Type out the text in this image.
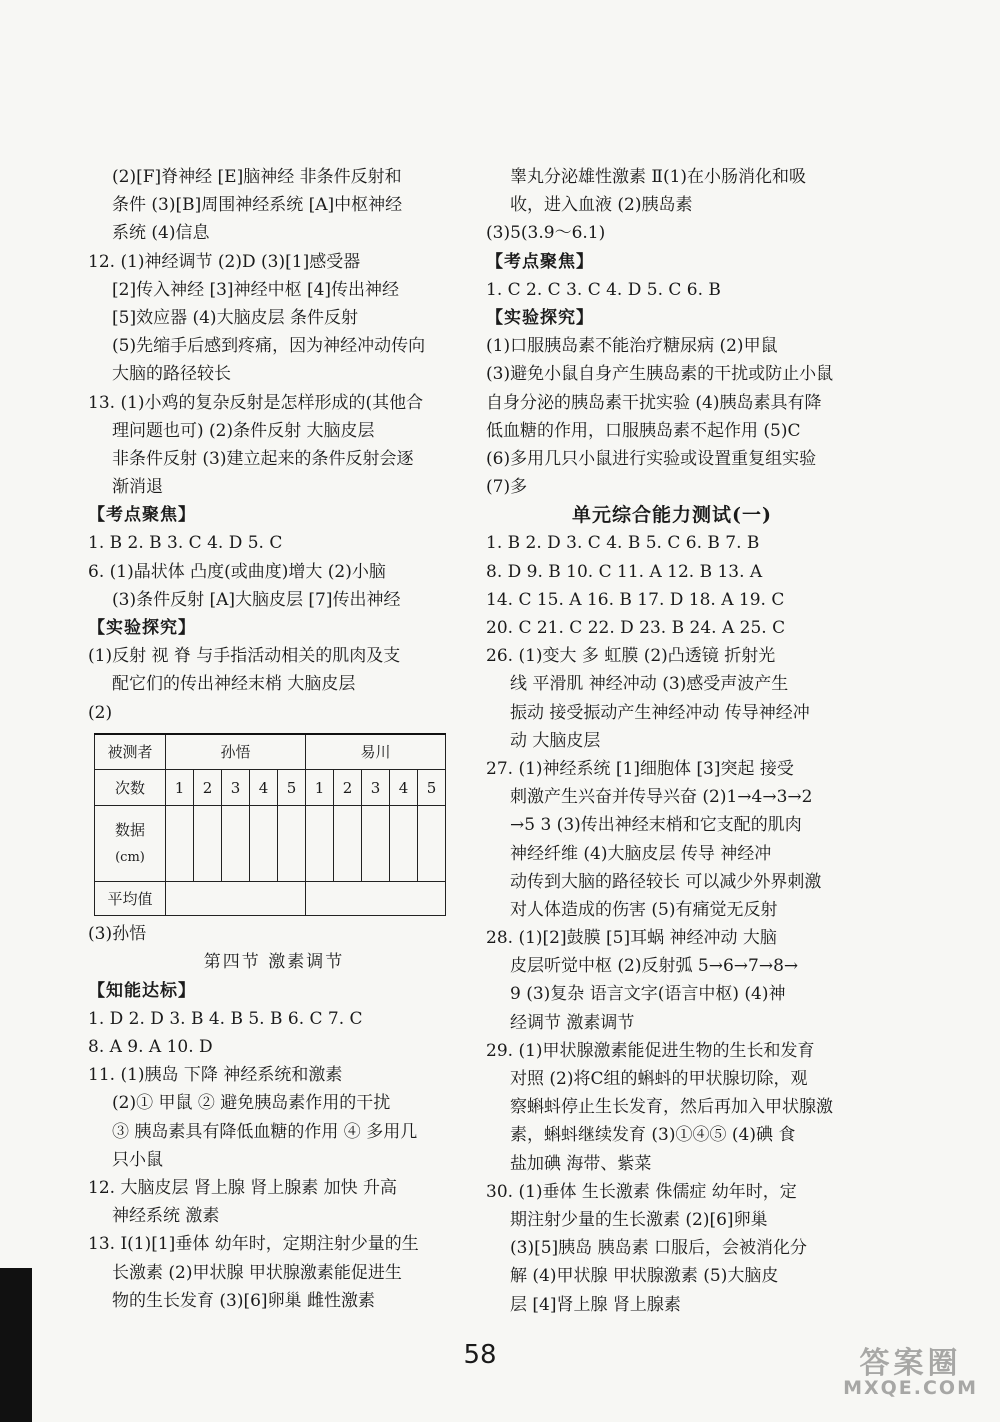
(2)[F]脊神经 [E]脑神经 非条件反射和
条件 (3)[B]周围神经系统 [A]中枢神经
系统 (4)信息
12. (1)神经调节 (2)D (3)[1]感受器
[2]传入神经 [3]神经中枢 [4]传出神经
[5]效应器 (4)大脑皮层 条件反射
(5)先缩手后感到疼痛，因为神经冲动传向
大脑的路径较长
13. (1)小鸡的复杂反射是怎样形成的(其他合
理问题也可) (2)条件反射 大脑皮层
非条件反射 (3)建立起来的条件反射会逐
渐消退
【考点聚焦】
1. B 2. B 3. C 4. D 5. C
6. (1)晶状体 凸度(或曲度)增大 (2)小脑
(3)条件反射 [A]大脑皮层 [7]传出神经
【实验探究】
(1)反射 视 脊 与手指活动相关的肌肉及支
配它们的传出神经末梢 大脑皮层
(2)
被测者	孙悟					易川				
次数	1	2	3	4	5	1	2	3	4	5

数据
(cm)										

平均值										
(3)孙悟
第四节 激素调节
【知能达标】
1. D 2. D 3. B 4. B 5. B 6. C 7. C
8. A 9. A 10. D
11. (1)胰岛 下降 神经系统和激素
(2)① 甲鼠 ② 避免胰岛素作用的干扰
③ 胰岛素具有降低血糖的作用 ④ 多用几
只小鼠
12. 大脑皮层 肾上腺 肾上腺素 加快 升高
神经系统 激素
13. Ⅰ(1)[1]垂体 幼年时，定期注射少量的生
长激素 (2)甲状腺 甲状腺激素能促进生
物的生长发育 (3)[6]卵巢 雌性激素
睾丸分泌雄性激素 Ⅱ(1)在小肠消化和吸
收，进入血液 (2)胰岛素
(3)5(3.9～6.1)
【考点聚焦】
1. C 2. C 3. C 4. D 5. C 6. B
【实验探究】
(1)口服胰岛素不能治疗糖尿病 (2)甲鼠
(3)避免小鼠自身产生胰岛素的干扰或防止小鼠
自身分泌的胰岛素干扰实验 (4)胰岛素具有降
低血糖的作用，口服胰岛素不起作用 (5)C
(6)多用几只小鼠进行实验或设置重复组实验
(7)多
单元综合能力测试(一)
1. B 2. D 3. C 4. B 5. C 6. B 7. B
8. D 9. B 10. C 11. A 12. B 13. A
14. C 15. A 16. B 17. D 18. A 19. C
20. C 21. C 22. D 23. B 24. A 25. C
26. (1)变大 多 虹膜 (2)凸透镜 折射光
线 平滑肌 神经冲动 (3)感受声波产生
振动 接受振动产生神经冲动 传导神经冲
动 大脑皮层
27. (1)神经系统 [1]细胞体 [3]突起 接受
刺激产生兴奋并传导兴奋 (2)1→4→3→2
→5 3 (3)传出神经末梢和它支配的肌肉
神经纤维 (4)大脑皮层 传导 神经冲
动传到大脑的路径较长 可以减少外界刺激
对人体造成的伤害 (5)有痛觉无反射
28. (1)[2]鼓膜 [5]耳蜗 神经冲动 大脑
皮层听觉中枢 (2)反射弧 5→6→7→8→
9 (3)复杂 语言文字(语言中枢) (4)神
经调节 激素调节
29. (1)甲状腺激素能促进生物的生长和发育
对照 (2)将C组的蝌蚪的甲状腺切除，观
察蝌蚪停止生长发育，然后再加入甲状腺激
素，蝌蚪继续发育 (3)①④⑤ (4)碘 食
盐加碘 海带、紫菜
30. (1)垂体 生长激素 侏儒症 幼年时，定
期注射少量的生长激素 (2)[6]卵巢
(3)[5]胰岛 胰岛素 口服后，会被消化分
解 (4)甲状腺 甲状腺激素 (5)大脑皮
层 [4]肾上腺 肾上腺素
58	答案圈
MXQE.COM
